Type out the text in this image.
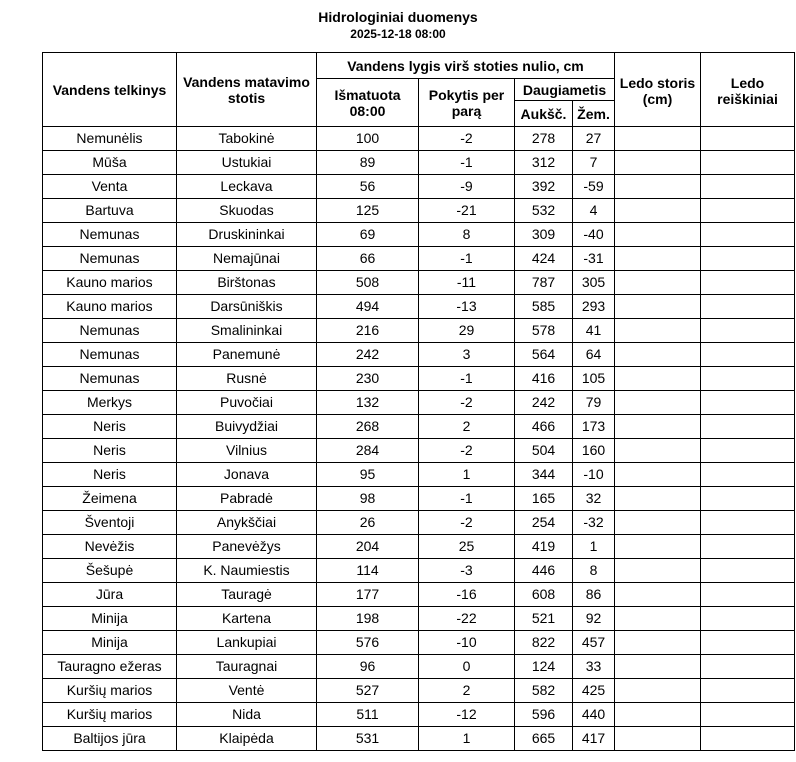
Hidrologiniai duomenys
2025-12-18 08:00
Vandens telkinys	Vandens matavimo stotis	Vandens lygis virš stoties nulio, cm				Ledo storis (cm)	Ledo reiškiniai
		Išmatuota 08:00	Pokytis per parą	Daugiametis			
				Aukšč.	Žem.		
Nemunėlis	Tabokinė	100	-2	278	27		
Mūša	Ustukiai	89	-1	312	7		
Venta	Leckava	56	-9	392	-59		
Bartuva	Skuodas	125	-21	532	4		
Nemunas	Druskininkai	69	8	309	-40		
Nemunas	Nemajūnai	66	-1	424	-31		
Kauno marios	Birštonas	508	-11	787	305		
Kauno marios	Darsūniškis	494	-13	585	293		
Nemunas	Smalininkai	216	29	578	41		
Nemunas	Panemunė	242	3	564	64		
Nemunas	Rusnė	230	-1	416	105		
Merkys	Puvočiai	132	-2	242	79		
Neris	Buivydžiai	268	2	466	173		
Neris	Vilnius	284	-2	504	160		
Neris	Jonava	95	1	344	-10		
Žeimena	Pabradė	98	-1	165	32		
Šventoji	Anykščiai	26	-2	254	-32		
Nevėžis	Panevėžys	204	25	419	1		
Šešupė	K. Naumiestis	114	-3	446	8		
Jūra	Tauragė	177	-16	608	86		
Minija	Kartena	198	-22	521	92		
Minija	Lankupiai	576	-10	822	457		
Tauragno ežeras	Tauragnai	96	0	124	33		
Kuršių marios	Ventė	527	2	582	425		
Kuršių marios	Nida	511	-12	596	440		
Baltijos jūra	Klaipėda	531	1	665	417		
